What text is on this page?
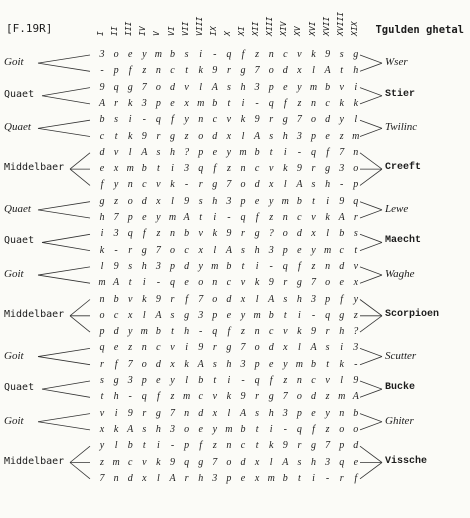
[F.19R]	Tgulden ghetal
I II III IV V VI VII VIII IX X XI XII XIII XIV XV XVI XVII XVIII XIX
Goit	Wser
3 o e y m b s	i	- q	f	z n c v k 9 s g
- p	f	z n c	t	k 9 r g 7 o d x	l A t	h
Quaet	Stier
9 q g 7 o d v	l A s h 3 p e y m b v	i
A r k 3 p e x m b	t	i	- q	f	z n c k k
Quaet	Twilinc
b s	i	- q	f	y n c v k 9 r g 7 o d y	l
c	t	k 9 r g z o d x	l A s h 3 p e z m
Middelbaer	Creeft
d v	l A s h ? p e y m b	t	i	- q	f	7 n
e x m b	t	i	3 q	f	z n c v k 9 r g 3 o
f	y n c v k	-	r g 7 o d x	l A s h - p
Quaet	Lewe
g z o d x	l	9 s h 3 p e y m b	t	i	9 q
h 7 p e y m A t	i	- q	f	z n c v k A r
Quaet	Maecht
i	3 q	f	z n b v k 9 r g ? o d x	l	b s
k	-	r g 7 o c x	l A s h 3 p e y m c	t
Goit	Waghe
l	9 s h 3 p d y m b	t	i	- q	f	z n d v
m A t	i	- q e o n c v k 9 r g 7 o e x
Middelbaer	Scorpioen
n b v k 9 r	f	7 o d x	l A s h 3 p	f	y
o c x	l A s g 3 p e y m b	t	i	- q g z
p d y m b	t	h - q	f	z n c v k 9 r h ?
Goit	Scutter
q e z n c v	i	9 r g 7 o d x	l A s	i	3
r	f	7 o d x k A s h 3 p e y m b	t	k	-
Quaet	Bucke
s g 3 p e y	l	b	t	i	- q	f	z n c v	l	9
t	h - q	f	z m c v k 9 r g 7 o d z m A
Goit	Ghiter
v	i	9 r g 7 n d x	l A s h 3 p e y n b
x k A s h 3 o e y m b	t	i	- q	f	z o o
Middelbaer	Vissche
y	l	b	t	i	- p	f	z n c	t	k 9 r g 7 p d
z m c v k 9 q g 7 o d x	l A s h 3 q e
7 n d x	l A r h 3 p e x m b	t	i	-	r	f
